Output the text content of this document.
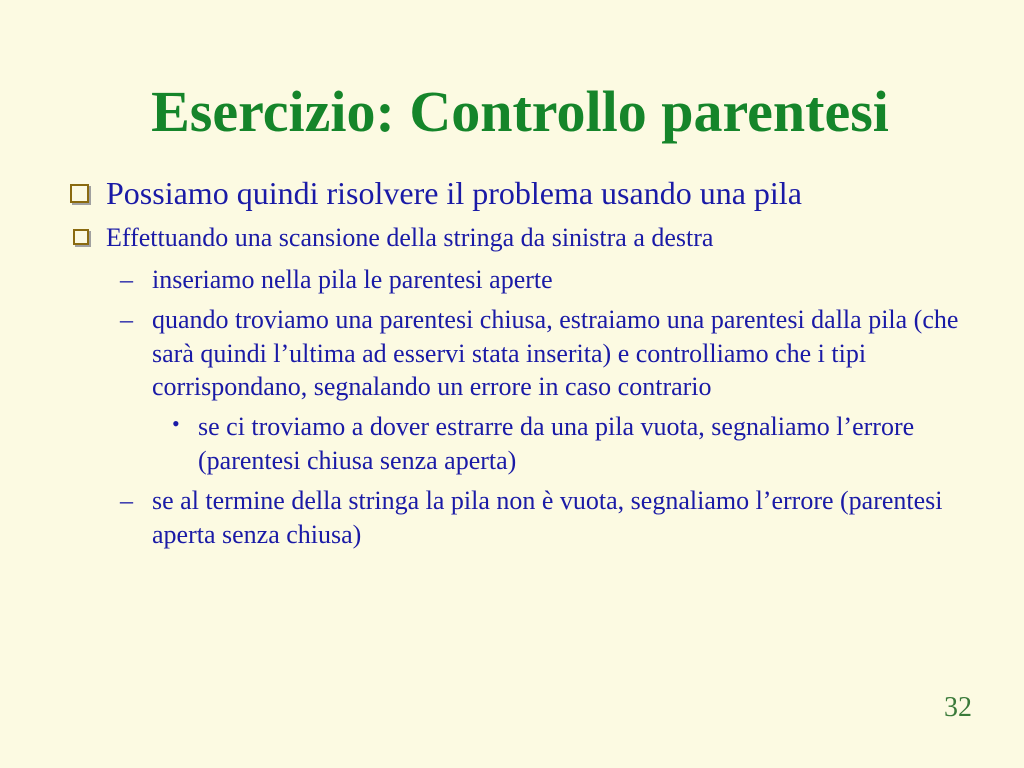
Esercizio: Controllo parentesi
Possiamo quindi risolvere il problema usando una pila
Effettuando una scansione della stringa da sinistra a destra
– inseriamo nella pila le parentesi aperte
– quando troviamo una parentesi chiusa, estraiamo una parentesi dalla pila (che sarà quindi l’ultima ad esservi stata inserita) e controlliamo che i tipi corrispondano, segnalando un errore in caso contrario
• se ci troviamo a dover estrarre da una pila vuota, segnaliamo l’errore (parentesi chiusa senza aperta)
– se al termine della stringa la pila non è vuota, segnaliamo l’errore (parentesi aperta senza chiusa)
32
